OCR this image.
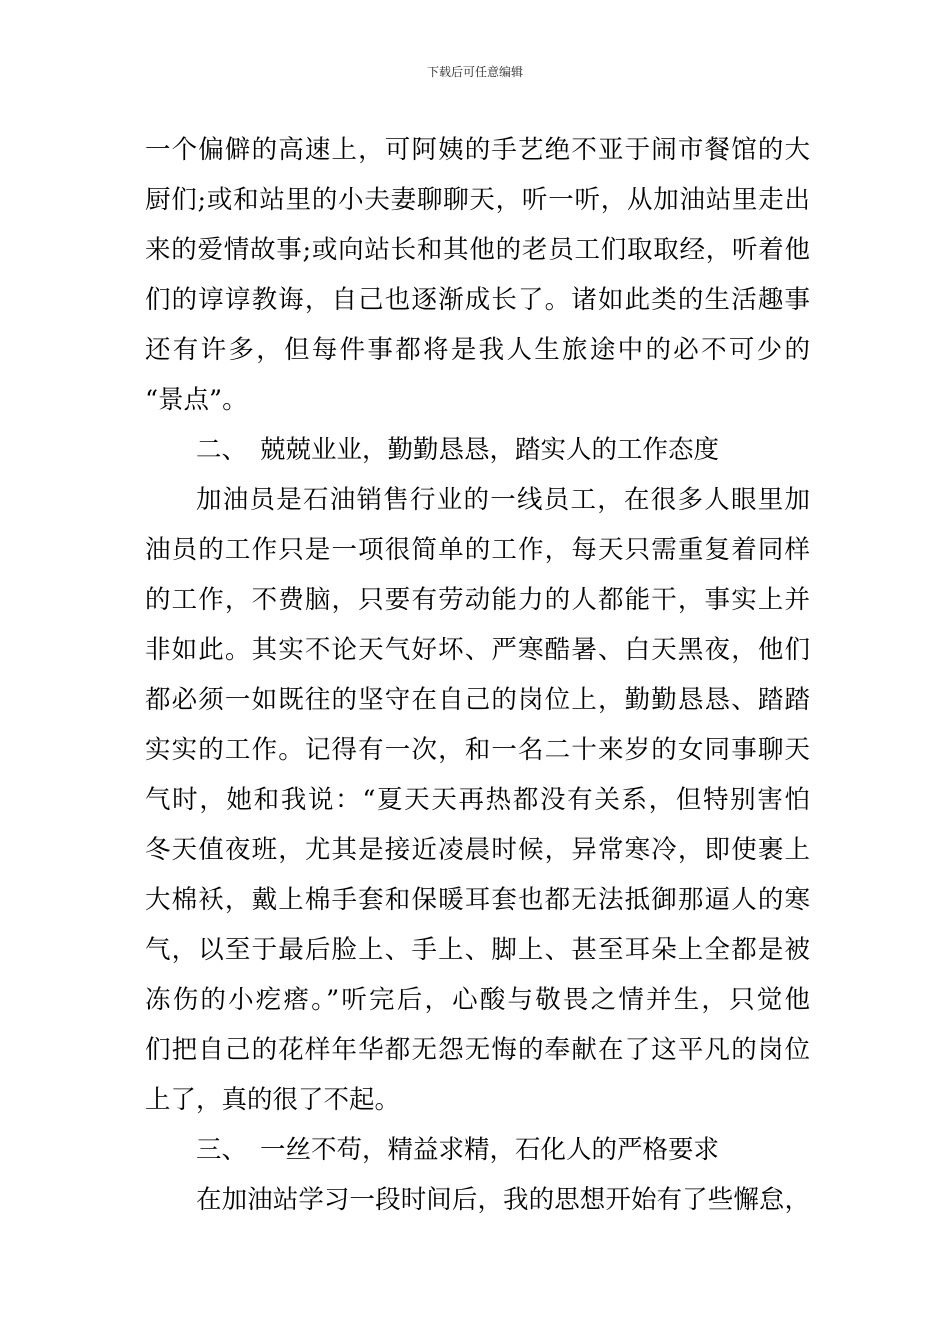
下载后可任意编辑
一个偏僻的高速上，可阿姨的手艺绝不亚于闹市餐馆的大
厨们;或和站里的小夫妻聊聊天，听一听，从加油站里走出
来的爱情故事;或向站长和其他的老员工们取取经，听着他
们的谆谆教诲，自己也逐渐成长了。诸如此类的生活趣事
还有许多，但每件事都将是我人生旅途中的必不可少的
“景点”。
二、 兢兢业业，勤勤恳恳，踏实人的工作态度
加油员是石油销售行业的一线员工，在很多人眼里加
油员的工作只是一项很简单的工作，每天只需重复着同样
的工作，不费脑，只要有劳动能力的人都能干，事实上并
非如此。其实不论天气好坏、严寒酷暑、白天黑夜，他们
都必须一如既往的坚守在自己的岗位上，勤勤恳恳、踏踏
实实的工作。记得有一次，和一名二十来岁的女同事聊天
气时，她和我说：“夏天天再热都没有关系，但特别害怕
冬天值夜班，尤其是接近凌晨时候，异常寒冷，即使裹上
大棉袄，戴上棉手套和保暖耳套也都无法抵御那逼人的寒
气，以至于最后脸上、手上、脚上、甚至耳朵上全都是被
冻伤的小疙瘩。”听完后，心酸与敬畏之情并生，只觉他
们把自己的花样年华都无怨无悔的奉献在了这平凡的岗位
上了，真的很了不起。
三、 一丝不苟，精益求精，石化人的严格要求
在加油站学习一段时间后，我的思想开始有了些懈怠，
